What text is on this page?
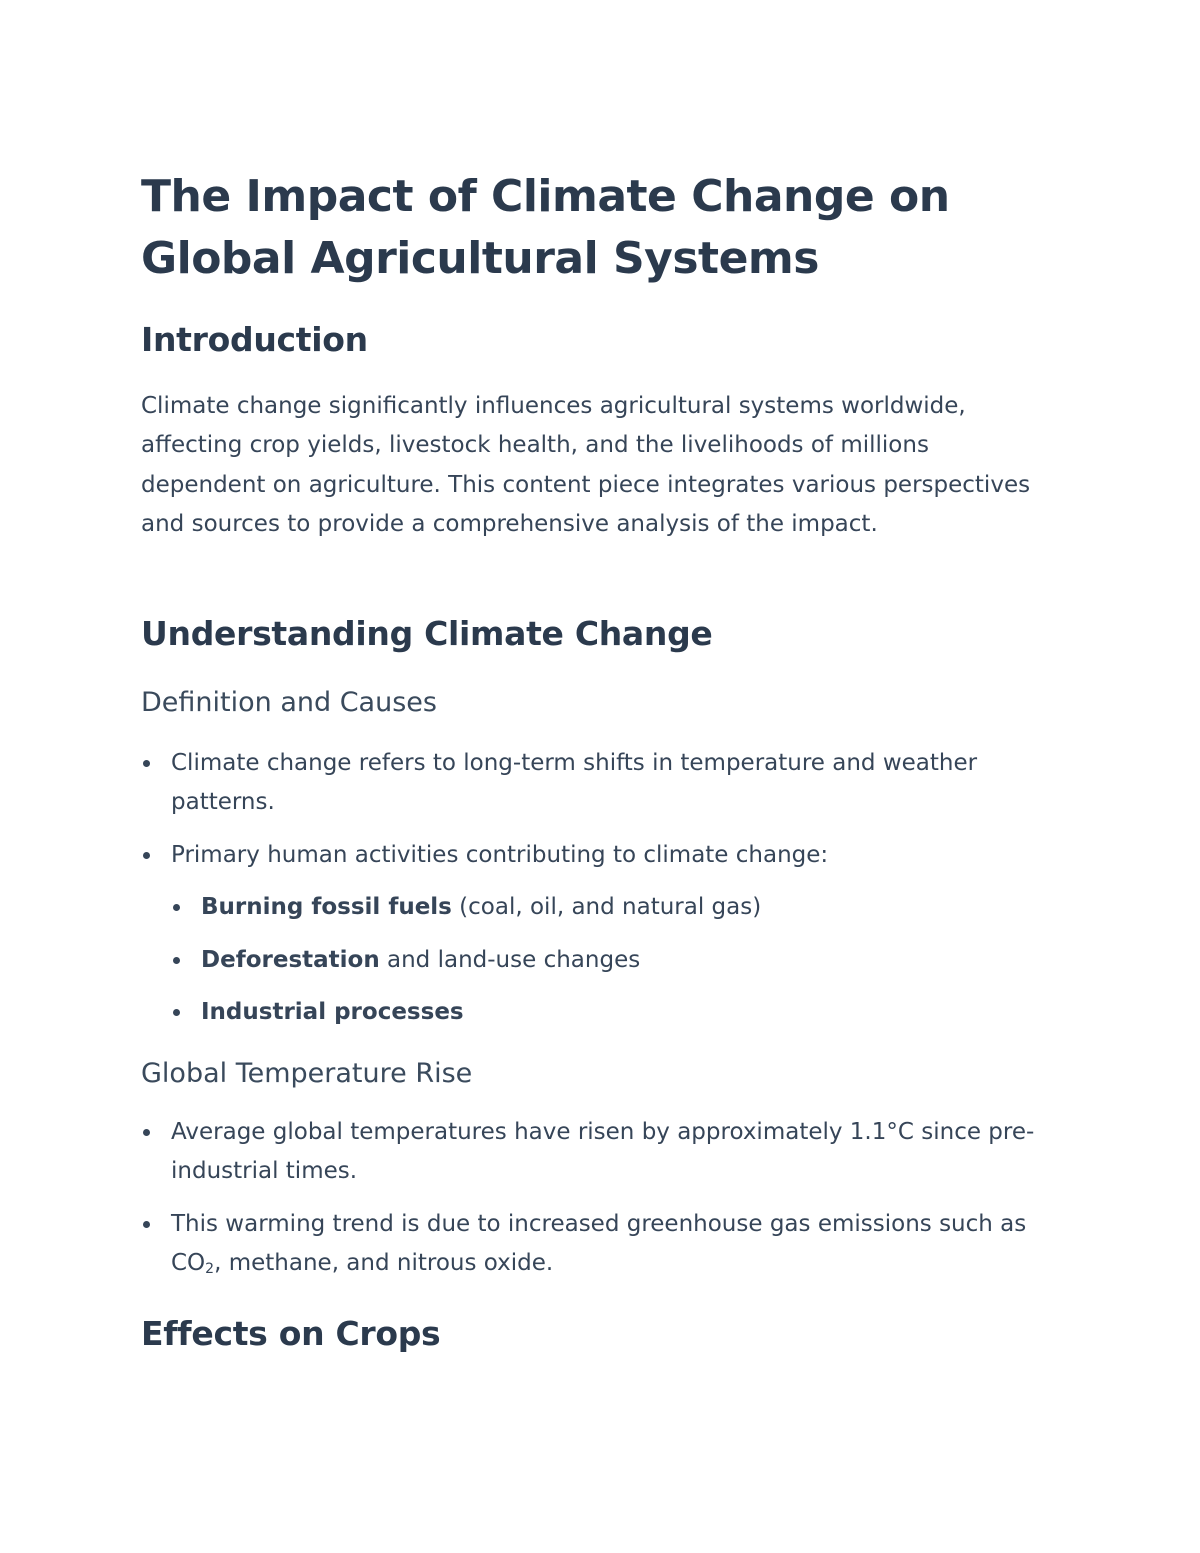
The Impact of Climate Change on Global Agricultural Systems
Introduction

Climate change significantly influences agricultural systems worldwide, affecting crop yields, livestock health, and the livelihoods of millions dependent on agriculture. This content piece integrates various perspectives and sources to provide a comprehensive analysis of the impact.

Understanding Climate Change
Definition and Causes
Climate change refers to long-term shifts in temperature and weather patterns.
Primary human activities contributing to climate change:
Burning fossil fuels (coal, oil, and natural gas)
Deforestation and land-use changes
Industrial processes
Global Temperature Rise
Average global temperatures have risen by approximately 1.1°C since pre-industrial times.
This warming trend is due to increased greenhouse gas emissions such as $CO_2$, methane, and nitrous oxide.
Effects on Crops
